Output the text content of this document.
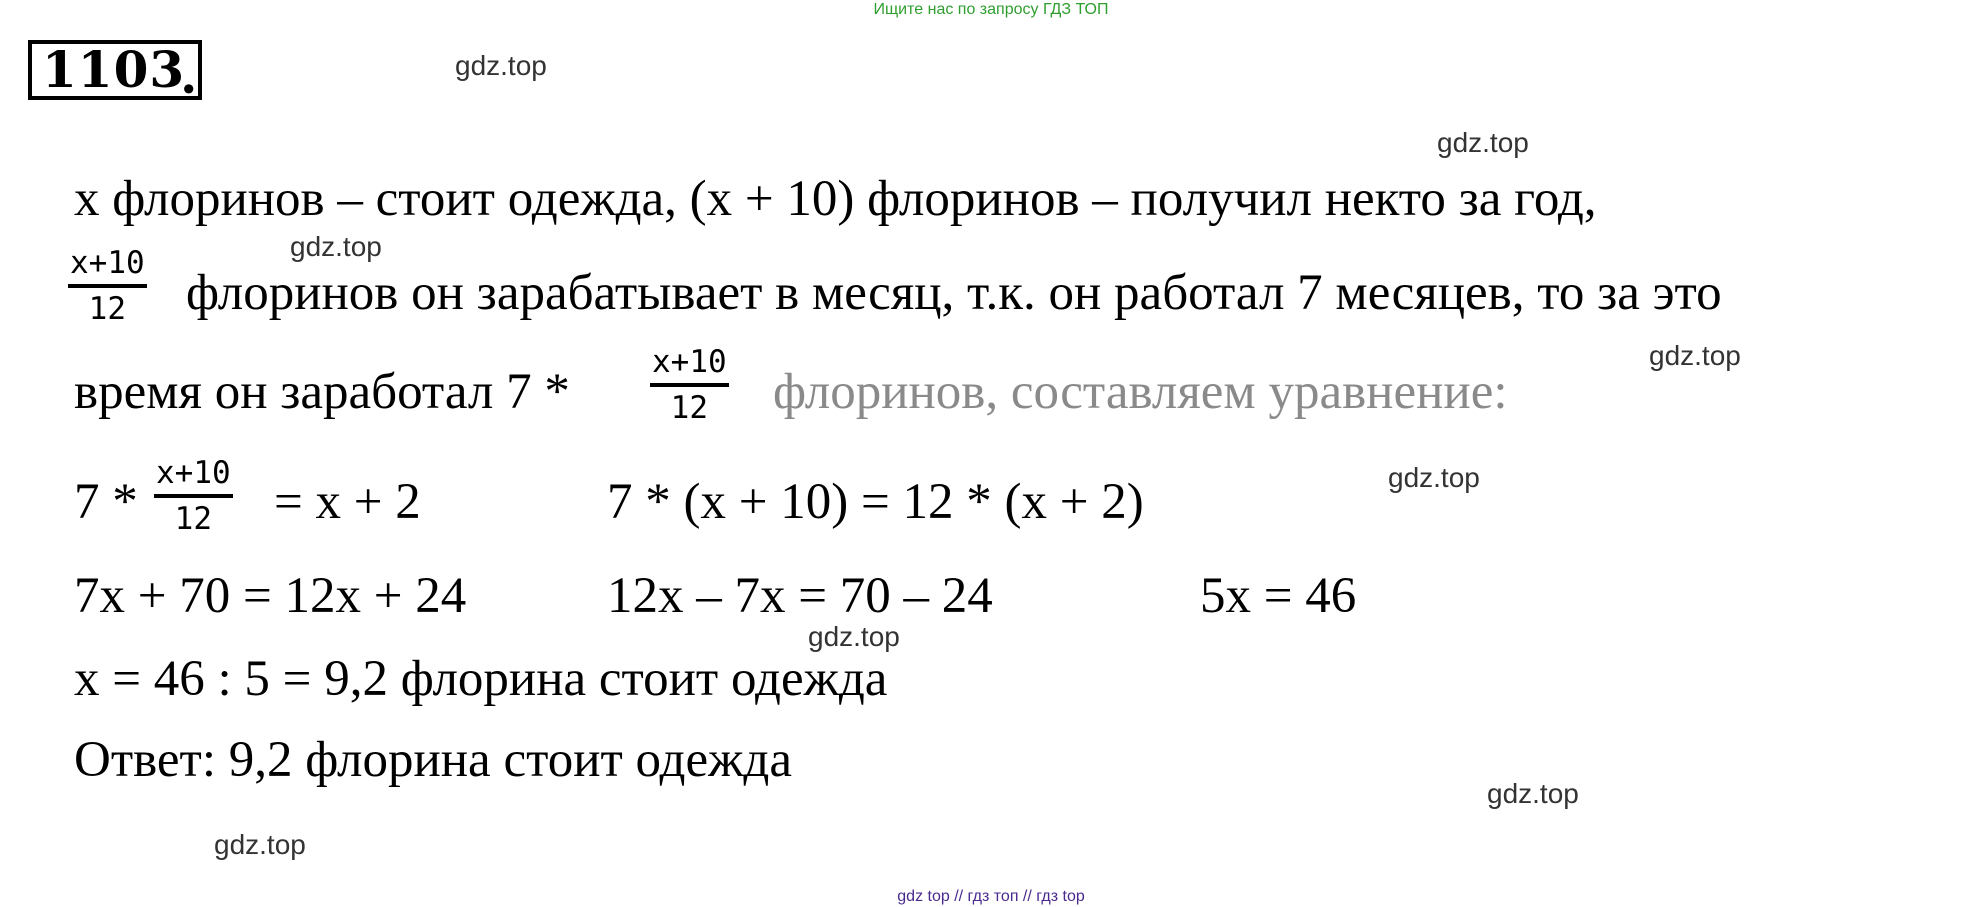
Ищите нас по запросу ГДЗ ТОП
1103
.	gdz.top
gdz.top
gdz.top
gdz.top
gdz.top
gdz.top
gdz.top
gdz.top
x флоринов – стоит одежда, (x + 10) флоринов – получил некто за год,
x+10
12	флоринов он зарабатывает в месяц, т.к. он работал 7 месяцев, то за это
время он заработал 7 *
x+10
12	флоринов, составляем уравнение:
7 *
x+10
12	= x + 2	7 * (x + 10) = 12 * (x + 2)
7x + 70 = 12x + 24	12x – 7x = 70 – 24	5x = 46
x = 46 : 5 = 9,2 флорина стоит одежда
Ответ: 9,2 флорина стоит одежда
gdz top // гдз топ // гдз top
